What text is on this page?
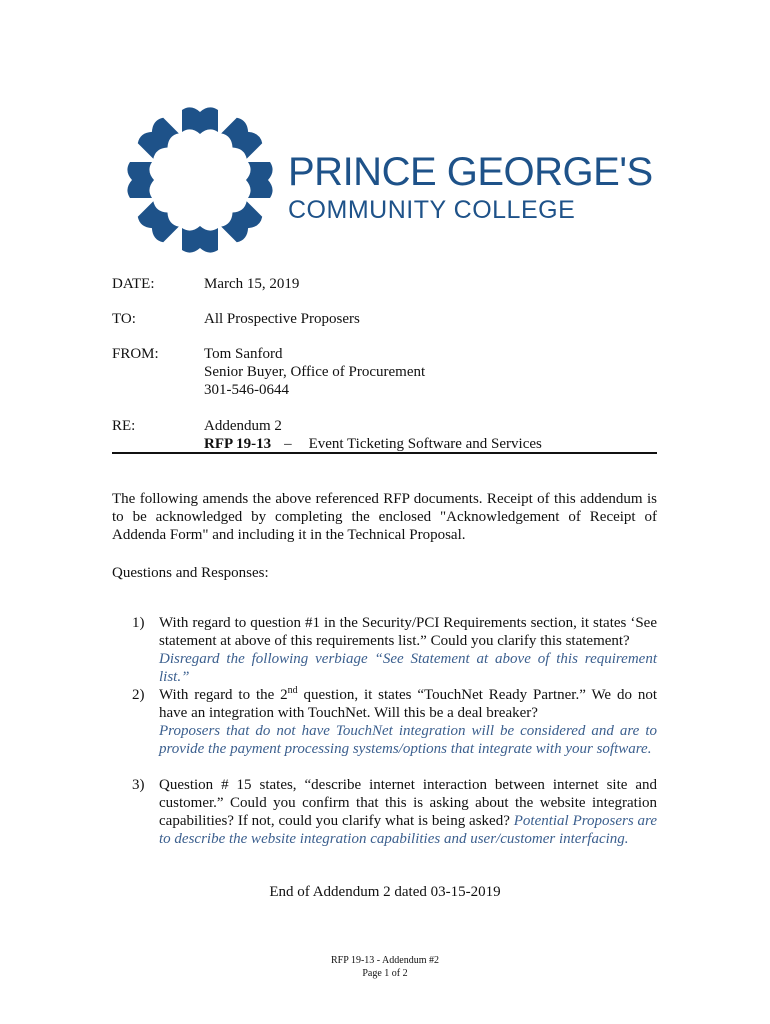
PRINCE GEORGE'S
COMMUNITY COLLEGE
DATE:	March 15, 2019
TO:	All Prospective Proposers
FROM:	Tom Sanford
Senior Buyer, Office of Procurement
301-546-0644
RE:	Addendum 2
RFP 19-13 – Event Ticketing Software and Services
The following amends the above referenced RFP documents. Receipt of this addendum is to be acknowledged by completing the enclosed "Acknowledgement of Receipt of Addenda Form" and including it in the Technical Proposal.
Questions and Responses:
1) With regard to question #1 in the Security/PCI Requirements section, it states ‘See statement at above of this requirements list.” Could you clarify this statement?
Disregard the following verbiage “See Statement at above of this requirement list.”
2) With regard to the 2nd question, it states “TouchNet Ready Partner.” We do not have an integration with TouchNet. Will this be a deal breaker?
Proposers that do not have TouchNet integration will be considered and are to provide the payment processing systems/options that integrate with your software.
3) Question # 15 states, “describe internet interaction between internet site and customer.” Could you confirm that this is asking about the website integration capabilities? If not, could you clarify what is being asked? Potential Proposers are to describe the website integration capabilities and user/customer interfacing.
End of Addendum 2 dated 03-15-2019
RFP 19-13 - Addendum #2
Page 1 of 2
